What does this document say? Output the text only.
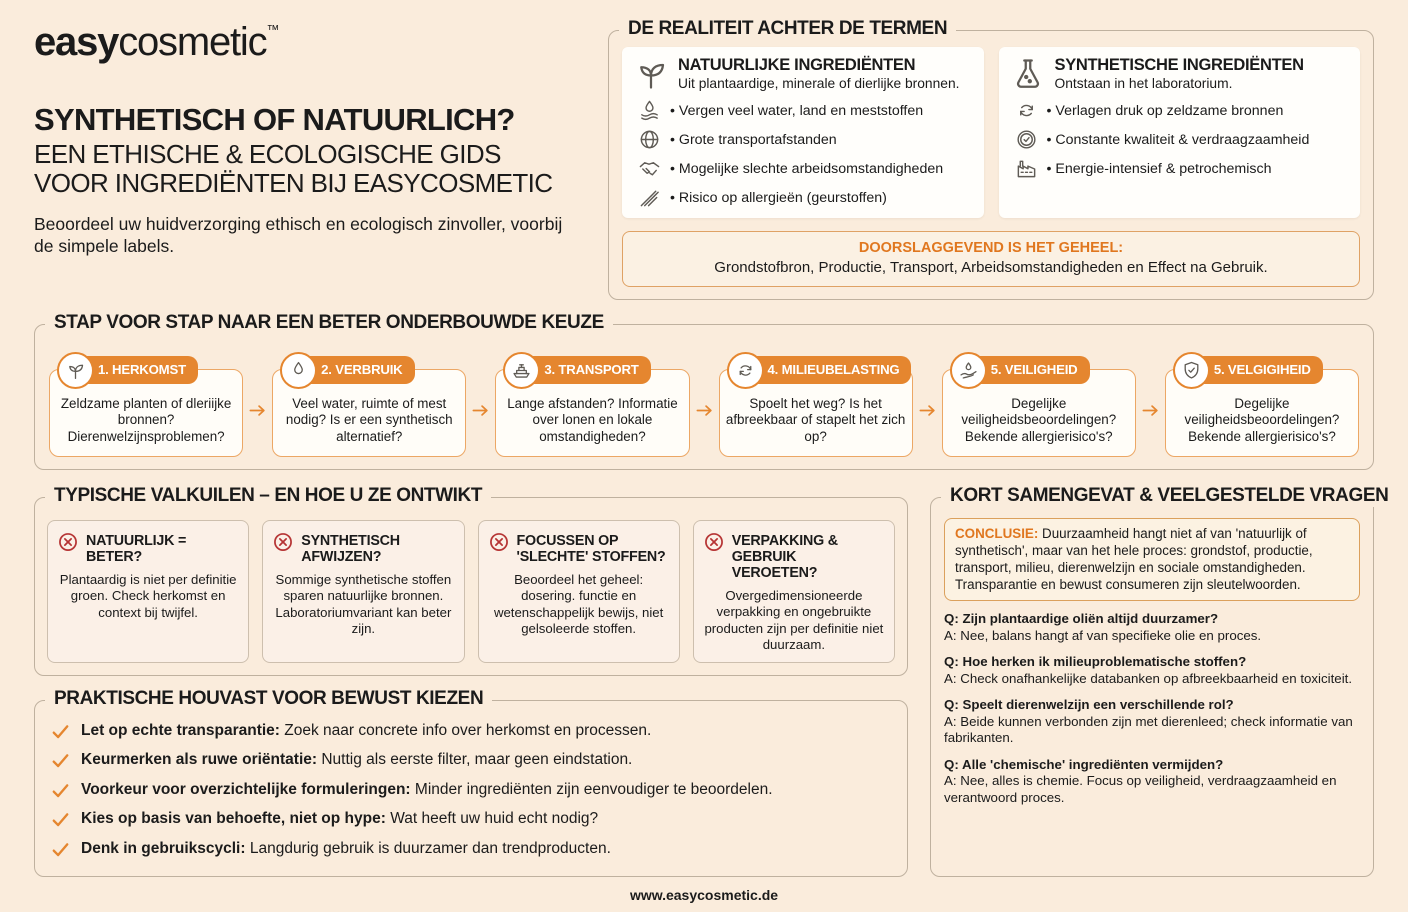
easycosmetic™
SYNTHETISCH OF NATUURLICH?
EEN ETHISCHE & ECOLOGISCHE GIDS
VOOR INGREDIËNTEN BIJ EASYCOSMETIC
Beoordeel uw huidverzorging ethisch en ecologisch zinvoller, voorbij de simpele labels.
DE REALITEIT ACHTER DE TERMEN
NATUURLIJKE INGREDIËNTEN
Uit plantaardige, minerale of dierlijke bronnen.
• Vergen veel water, land en meststoffen
• Grote transportafstanden
• Mogelijke slechte arbeidsomstandigheden
• Risico op allergieën (geurstoffen)
SYNTHETISCHE INGREDIËNTEN
Ontstaan in het laboratorium.
• Verlagen druk op zeldzame bronnen
• Constante kwaliteit & verdraagzaamheid
• Energie-intensief & petrochemisch
DOORSLAGGEVEND IS HET GEHEEL:
Grondstofbron, Productie, Transport, Arbeidsomstandigheden en Effect na Gebruik.
STAP VOOR STAP NAAR EEN BETER ONDERBOUWDE KEUZE
1. HERKOMST
Zeldzame planten of dleriijke bronnen? Dierenwelzijnsproblemen?
2. VERBRUIK
Veel water, ruimte of mest nodig? Is er een synthetisch alternatief?
3. TRANSPORT
Lange afstanden? Informatie over lonen en lokale omstandigheden?
4. MILIEUBELASTING
Spoelt het weg? Is het afbreekbaar of stapelt het zich op?
5. VEILIGHEID
Degelijke veiligheidsbeoordelingen? Bekende allergierisico's?
5. VELGIGIHEID
Degelijke veiligheidsbeoordelingen? Bekende allergierisico's?
TYPISCHE VALKUILEN – EN HOE U ZE ONTWIKT
NATUURLIJK = BETER?
Plantaardig is niet per definitie groen. Check herkomst en context bij twijfel.
SYNTHETISCH AFWIJZEN?
Sommige synthetische stoffen sparen natuurlijke bronnen. Laboratoriumvariant kan beter zijn.
FOCUSSEN OP 'SLECHTE' STOFFEN?
Beoordeel het geheel: dosering. functie en wetenschappelijk bewijs, niet gelsoleerde stoffen.
VERPAKKING & GEBRUIK VEROETEN?
Overgedimensioneerde verpakking en ongebruikte producten zijn per definitie niet duurzaam.
PRAKTISCHE HOUVAST VOOR BEWUST KIEZEN
Let op echte transparantie: Zoek naar concrete info over herkomst en processen.
Keurmerken als ruwe oriëntatie: Nuttig als eerste filter, maar geen eindstation.
Voorkeur voor overzichtelijke formuleringen: Minder ingrediënten zijn eenvoudiger te beoordelen.
Kies op basis van behoefte, niet op hype: Wat heeft uw huid echt nodig?
Denk in gebruikscycli: Langdurig gebruik is duurzamer dan trendproducten.
KORT SAMENGEVAT & VEELGESTELDE VRAGEN
CONCLUSIE: Duurzaamheid hangt niet af van 'natuurlijk of synthetisch', maar van het hele proces: grondstof, productie, transport, milieu, dierenwelzijn en sociale omstandigheden. Transparantie en bewust consumeren zijn sleutelwoorden.
Q: Zijn plantaardige oliën altijd duurzamer?
A: Nee, balans hangt af van specifieke olie en proces.
Q: Hoe herken ik milieuproblematische stoffen?
A: Check onafhankelijke databanken op afbreekbaarheid en toxiciteit.
Q: Speelt dierenwelzijn een verschillende rol?
A: Beide kunnen verbonden zijn met dierenleed; check informatie van fabrikanten.
Q: Alle 'chemische' ingrediënten vermijden?
A: Nee, alles is chemie. Focus op veiligheid, verdraagzaamheid en verantwoord proces.
www.easycosmetic.de
